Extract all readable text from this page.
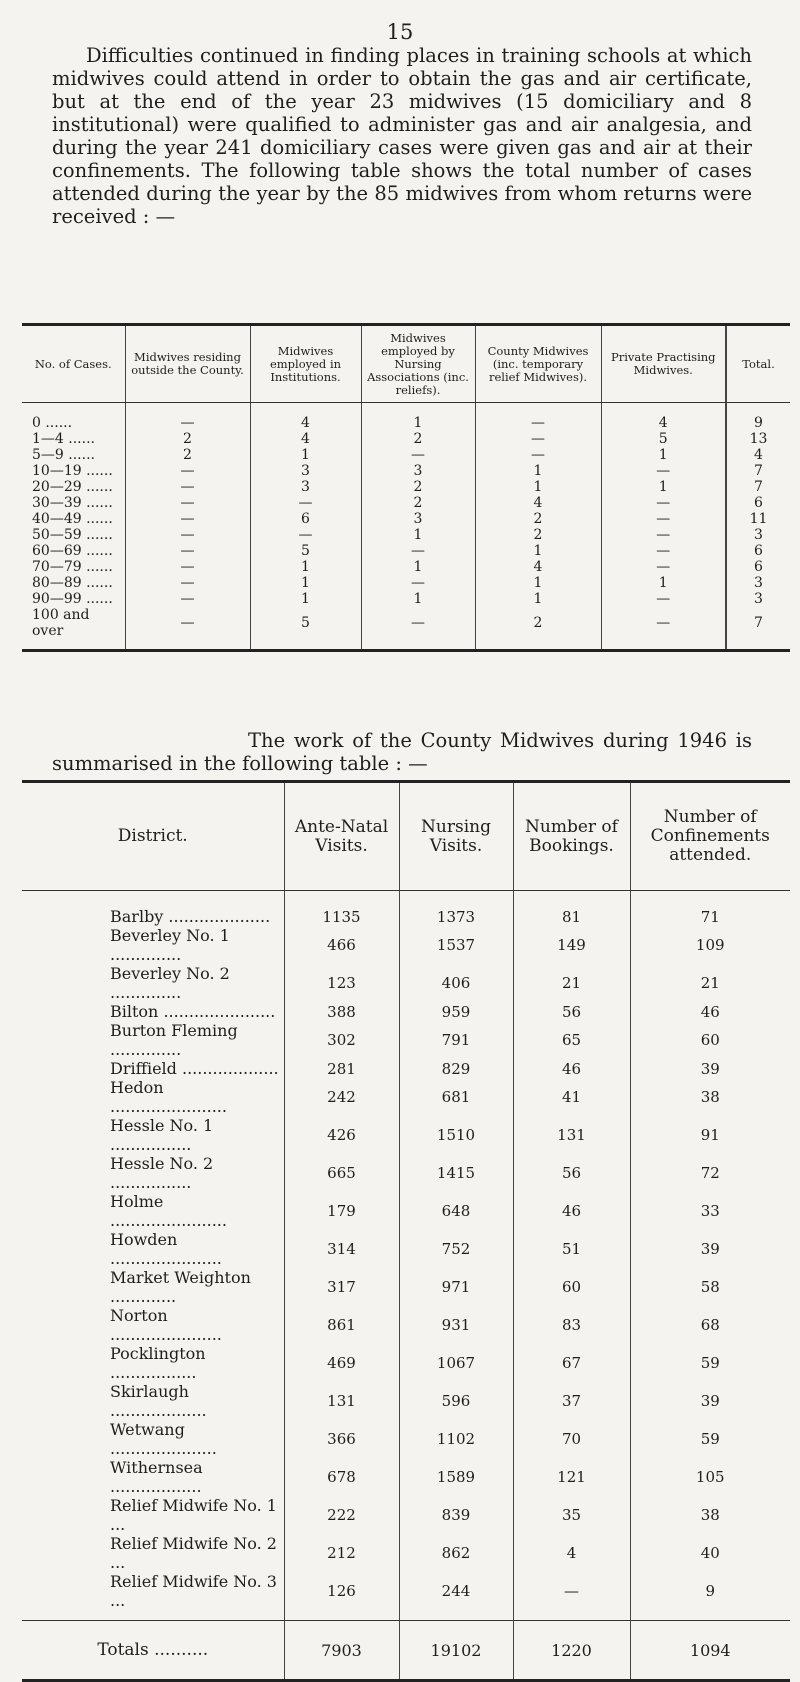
15

Difficulties continued in finding places in training schools at which midwives could attend in order to obtain the gas and air certificate, but at the end of the year 23 midwives (15 domiciliary and 8 institutional) were qualified to administer gas and air analgesia, and during the year 241 domiciliary cases were given gas and air at their confinements. The following table shows the total number of cases attended during the year by the 85 midwives from whom returns were received : —

No. of Cases.	Midwives residing outside the County.	Midwives employed in Institutions.	Midwives employed by Nursing Associations (inc. reliefs).	County Midwives (inc. temporary relief Midwives).	Private Practising Midwives.	Total.
0 ......	—	4	1	—	4	9
1—4 ......	2	4	2	—	5	13
5—9 ......	2	1	—	—	1	4
10—19 ......	—	3	3	1	—	7
20—29 ......	—	3	2	1	1	7
30—39 ......	—	—	2	4	—	6
40—49 ......	—	6	3	2	—	11
50—59 ......	—	—	1	2	—	3
60—69 ......	—	5	—	1	—	6
70—79 ......	—	1	1	4	—	6
80—89 ......	—	1	—	1	1	3
90—99 ......	—	1	1	1	—	3
100 and over	—	5	—	2	—	7

The work of the County Midwives during 1946 is summarised in the following table : —

District.	Ante-Natal Visits.	Nursing Visits.	Number of Bookings.	Number of Confinements attended.
Barlby ....................	1135	1373	81	71
Beverley No. 1 ..............	466	1537	149	109
Beverley No. 2 ..............	123	406	21	21
Bilton ......................	388	959	56	46
Burton Fleming ..............	302	791	65	60
Driffield ...................	281	829	46	39
Hedon .......................	242	681	41	38
Hessle No. 1 ................	426	1510	131	91
Hessle No. 2 ................	665	1415	56	72
Holme .......................	179	648	46	33
Howden ......................	314	752	51	39
Market Weighton .............	317	971	60	58
Norton ......................	861	931	83	68
Pocklington .................	469	1067	67	59
Skirlaugh ...................	131	596	37	39
Wetwang .....................	366	1102	70	59
Withernsea ..................	678	1589	121	105
Relief Midwife No. 1 ...	222	839	35	38
Relief Midwife No. 2 ...	212	862	4	40
Relief Midwife No. 3 ...	126	244	—	9
Totals ..........	7903	19102	1220	1094
